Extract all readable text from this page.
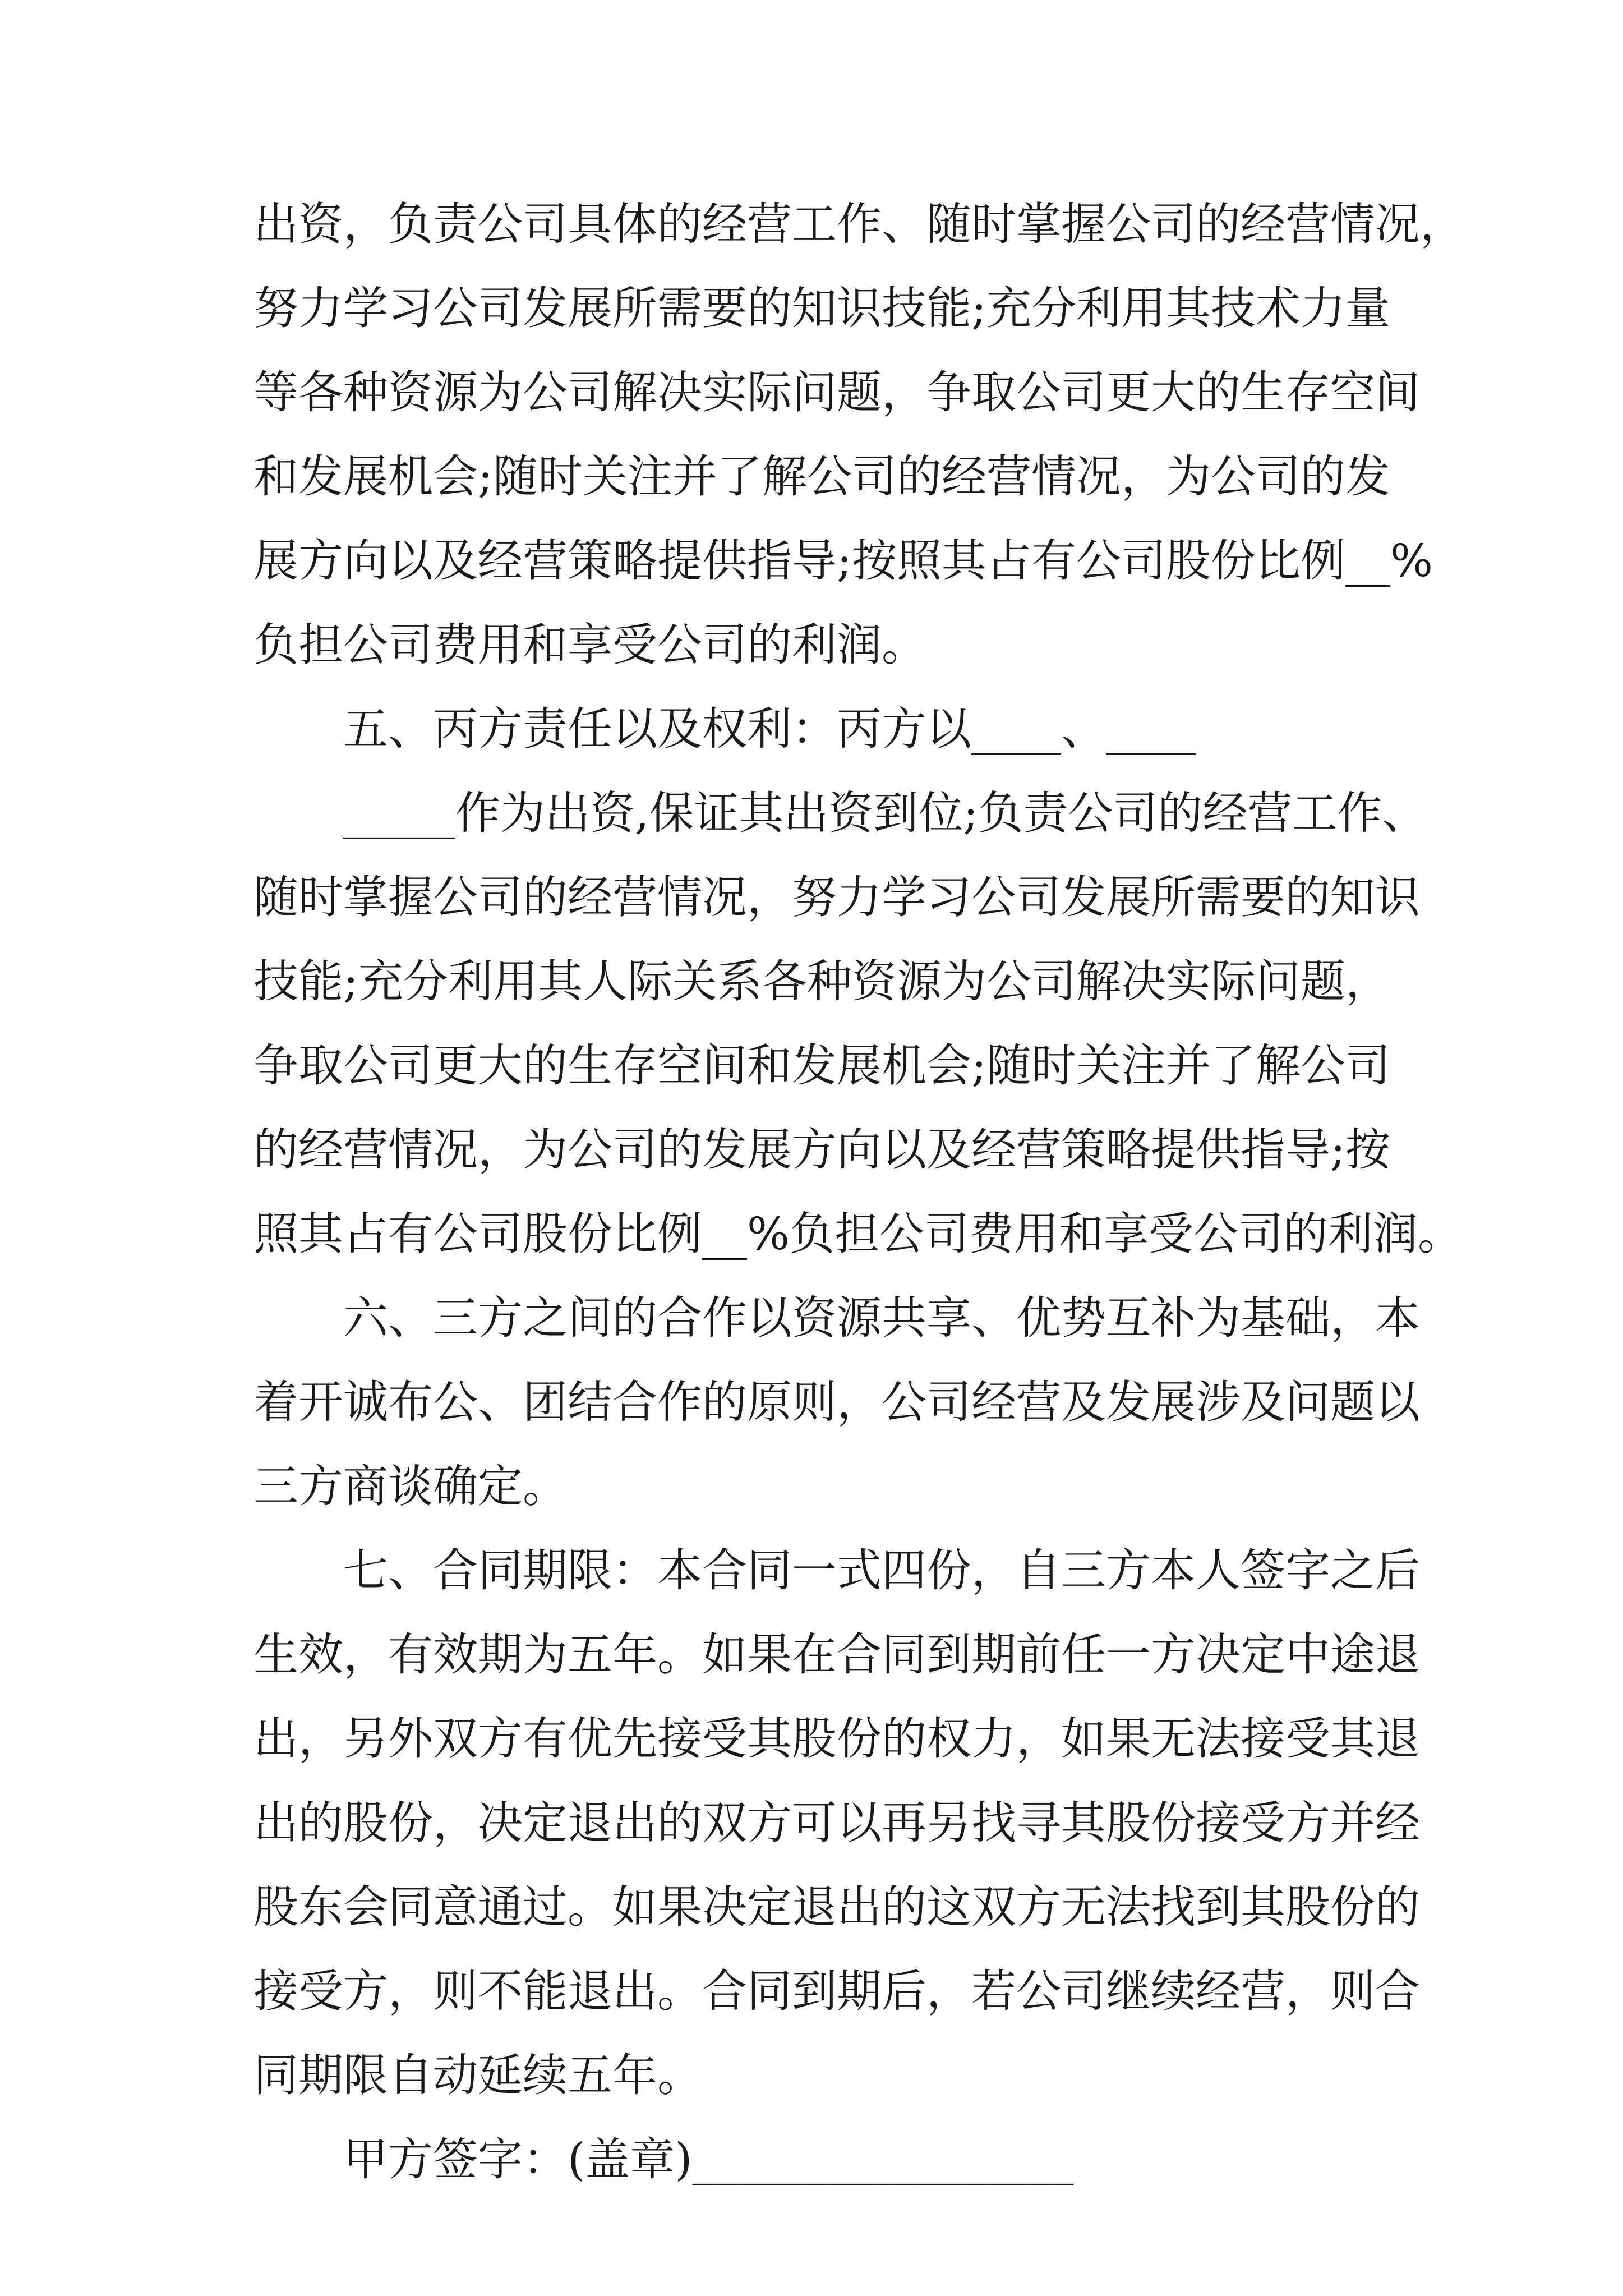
出资，负责公司具体的经营工作、随时掌握公司的经营情况，
努力学习公司发展所需要的知识技能;充分利用其技术力量
等各种资源为公司解决实际问题，争取公司更大的生存空间
和发展机会;随时关注并了解公司的经营情况，为公司的发
展方向以及经营策略提供指导;按照其占有公司股份比例__%
负担公司费用和享受公司的利润。
五、丙方责任以及权利：丙方以____、____
_____作为出资,保证其出资到位;负责公司的经营工作、
随时掌握公司的经营情况，努力学习公司发展所需要的知识
技能;充分利用其人际关系各种资源为公司解决实际问题，
争取公司更大的生存空间和发展机会;随时关注并了解公司
的经营情况，为公司的发展方向以及经营策略提供指导;按
照其占有公司股份比例__%负担公司费用和享受公司的利润。
六、三方之间的合作以资源共享、优势互补为基础，本
着开诚布公、团结合作的原则，公司经营及发展涉及问题以
三方商谈确定。
七、合同期限：本合同一式四份，自三方本人签字之后
生效，有效期为五年。如果在合同到期前任一方决定中途退
出，另外双方有优先接受其股份的权力，如果无法接受其退
出的股份，决定退出的双方可以再另找寻其股份接受方并经
股东会同意通过。如果决定退出的这双方无法找到其股份的
接受方，则不能退出。合同到期后，若公司继续经营，则合
同期限自动延续五年。
甲方签字：(盖章)_________________
